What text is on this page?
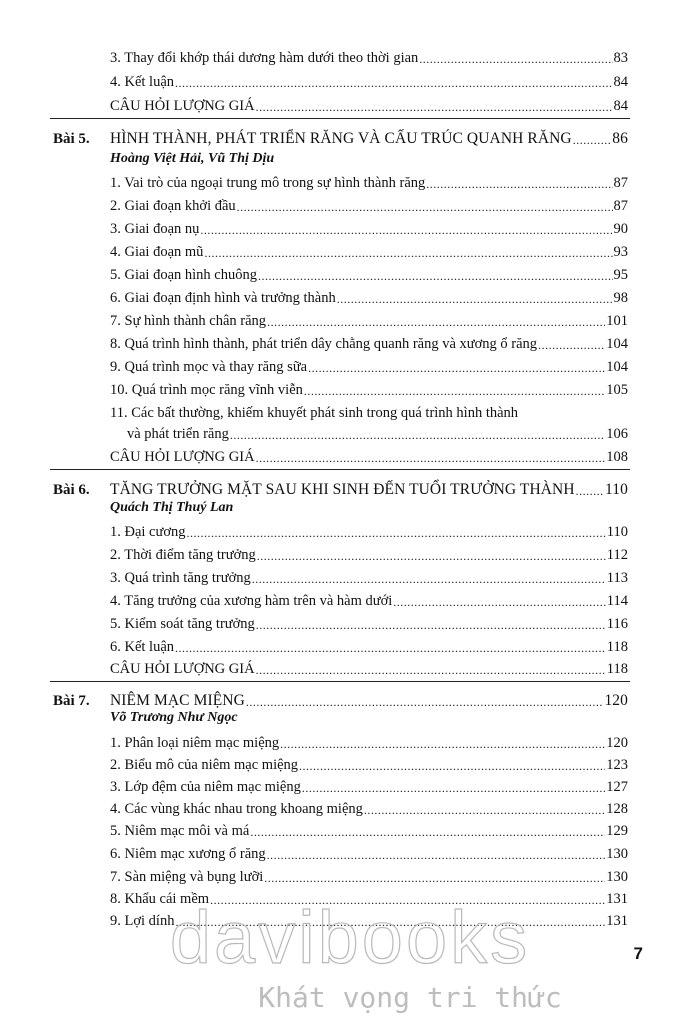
3. Thay đổi khớp thái dương hàm dưới theo thời gian .....	83
4. Kết luận .....	84
CÂU HỎI LƯỢNG GIÁ .....	84
Bài 5. HÌNH THÀNH, PHÁT TRIỂN RĂNG VÀ CẤU TRÚC QUANH RĂNG .....	86
Hoàng Việt Hải, Vũ Thị Dịu
1. Vai trò của ngoại trung mô trong sự hình thành răng .....	87
2. Giai đoạn khởi đầu .....	87
3. Giai đoạn nụ .....	90
4. Giai đoạn mũ .....	93
5. Giai đoạn hình chuông .....	95
6. Giai đoạn định hình và trưởng thành .....	98
7. Sự hình thành chân răng .....	101
8. Quá trình hình thành, phát triển dây chằng quanh răng và xương ổ răng .....	104
9. Quá trình mọc và thay răng sữa .....	104
10. Quá trình mọc răng vĩnh viễn .....	105
11. Các bất thường, khiếm khuyết phát sinh trong quá trình hình thành
và phát triển răng .....	106
CÂU HỎI LƯỢNG GIÁ .....	108
Bài 6. TĂNG TRƯỞNG MẶT SAU KHI SINH ĐẾN TUỔI TRƯỞNG THÀNH ..... 110
Quách Thị Thuý Lan
1. Đại cương .....	110
2. Thời điểm tăng trưởng .....	112
3. Quá trình tăng trưởng .....	113
4. Tăng trưởng của xương hàm trên và hàm dưới .....	114
5. Kiểm soát tăng trưởng .....	116
6. Kết luận .....	118
CÂU HỎI LƯỢNG GIÁ .....	118
Bài 7. NIÊM MẠC MIỆNG .....	120
Võ Trương Như Ngọc
1. Phân loại niêm mạc miệng .....	120
2. Biểu mô của niêm mạc miệng .....	123
3. Lớp đệm của niêm mạc miệng .....	127
4. Các vùng khác nhau trong khoang miệng .....	128
5. Niêm mạc môi và má .....	129
6. Niêm mạc xương ổ răng .....	130
7. Sàn miệng và bụng lưỡi .....	130
8. Khẩu cái mềm .....	131
9. Lợi dính .....	131
davibooks
Khát vọng tri thức
7
